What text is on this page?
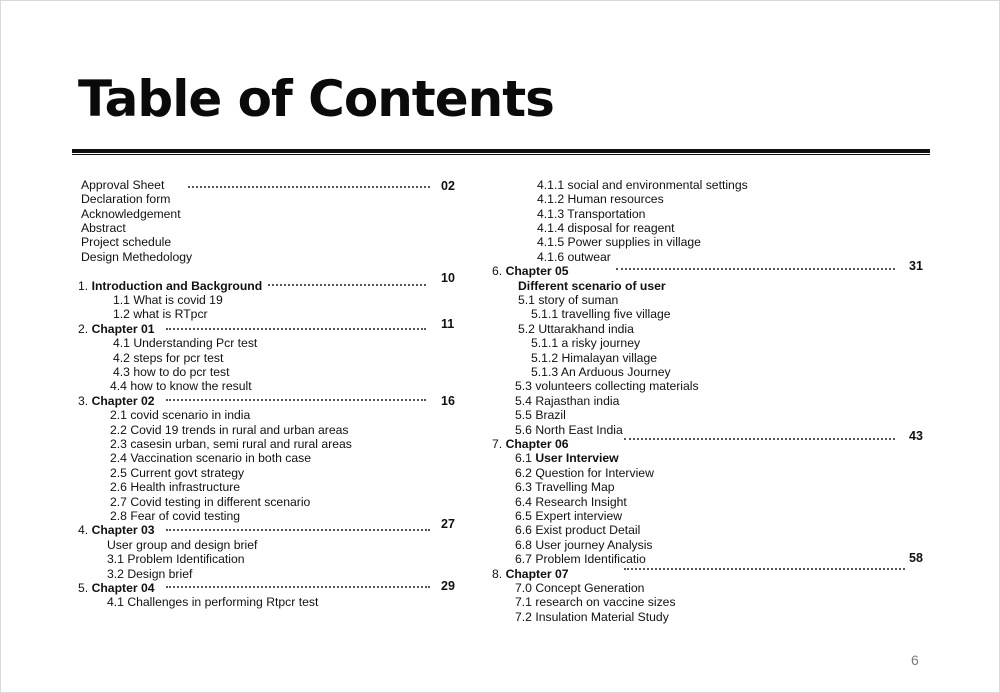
Table of Contents
Approval Sheet
Declaration form
Acknowledgement
Abstract
Project schedule
Design Methedology
1. Introduction and Background
1.1 What is covid 19
1.2 what is RTpcr
2. Chapter 01
4.1 Understanding Pcr test
4.2 steps for pcr test
4.3 how to do pcr test
4.4 how to know the result
3. Chapter 02
2.1 covid scenario in india
2.2 Covid 19 trends in rural and urban areas
2.3 casesin urban, semi rural and rural areas
2.4 Vaccination scenario in both case
2.5 Current govt strategy
2.6 Health infrastructure
2.7 Covid testing in different scenario
2.8 Fear of covid testing
4. Chapter 03
User group and design brief
3.1 Problem Identification
3.2 Design brief
5. Chapter 04
4.1 Challenges in performing Rtpcr test
02
10
11
16
27
29
4.1.1 social and environmental settings
4.1.2 Human resources
4.1.3 Transportation
4.1.4 disposal for reagent
4.1.5 Power supplies in village
4.1.6 outwear
6. Chapter 05
Different scenario of user
5.1 story of suman
5.1.1 travelling five village
5.2 Uttarakhand india
5.1.1 a risky journey
5.1.2 Himalayan village
5.1.3 An Arduous Journey
5.3 volunteers collecting materials
5.4 Rajasthan india
5.5 Brazil
5.6 North East India
7. Chapter 06
6.1 User Interview
6.2 Question for Interview
6.3 Travelling Map
6.4 Research Insight
6.5 Expert interview
6.6 Exist product Detail
6.8 User journey Analysis
6.7 Problem Identificatio
8. Chapter 07
7.0 Concept Generation
7.1 research on vaccine sizes
7.2 Insulation Material Study
31
43
58
6
